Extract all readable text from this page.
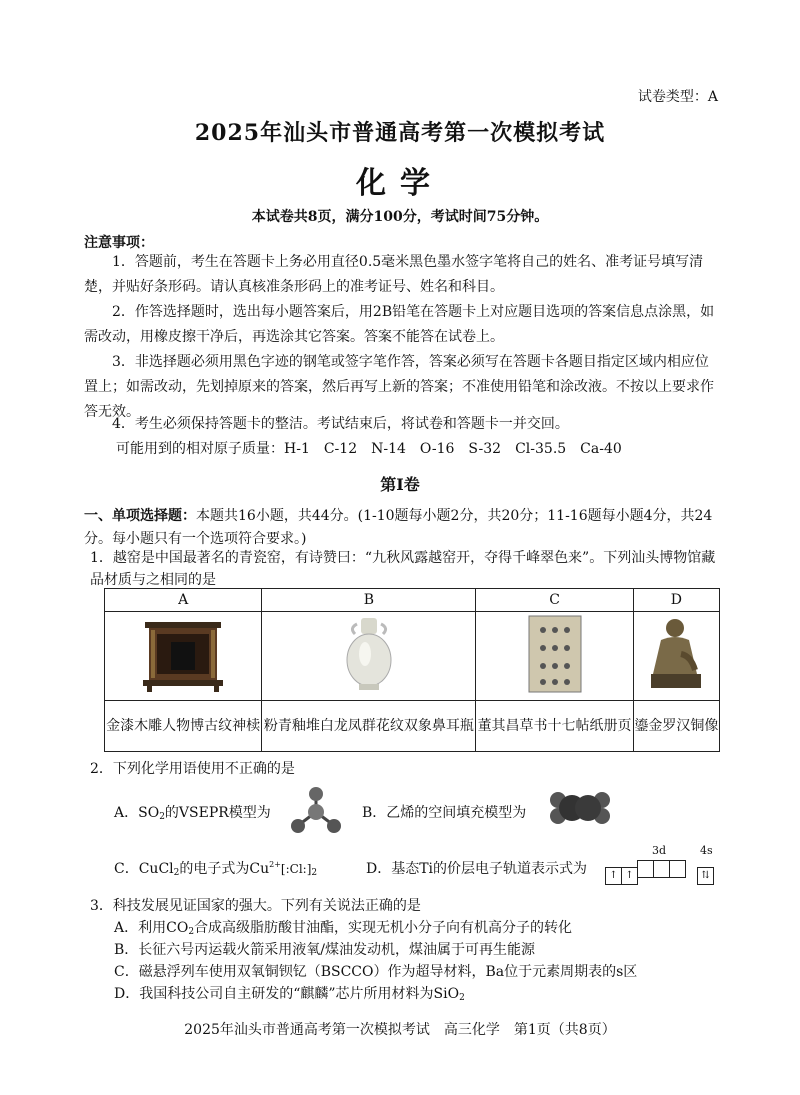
试卷类型：A
2025年汕头市普通高考第一次模拟考试
化学
本试卷共8页，满分100分，考试时间75分钟。
注意事项：
1．答题前，考生在答题卡上务必用直径0.5毫米黑色墨水签字笔将自己的姓名、准考证号填写清楚，并贴好条形码。请认真核准条形码上的准考证号、姓名和科目。
2．作答选择题时，选出每小题答案后，用2B铅笔在答题卡上对应题目选项的答案信息点涂黑，如需改动，用橡皮擦干净后，再选涂其它答案。答案不能答在试卷上。
3．非选择题必须用黑色字迹的钢笔或签字笔作答，答案必须写在答题卡各题目指定区域内相应位置上；如需改动，先划掉原来的答案，然后再写上新的答案；不准使用铅笔和涂改液。不按以上要求作答无效。
4．考生必须保持答题卡的整洁。考试结束后，将试卷和答题卡一并交回。
可能用到的相对原子质量：H-1　C-12　N-14　O-16　S-32　Cl-35.5　Ca-40
第Ⅰ卷
一、单项选择题：本题共16小题，共44分。(1-10题每小题2分，共20分；11-16题每小题4分，共24分。每小题只有一个选项符合要求。)
1．越窑是中国最著名的青瓷窑，有诗赞曰：“九秋风露越窑开，夺得千峰翠色来”。下列汕头博物馆藏品材质与之相同的是
A	B	C	D

金漆木雕人物博古纹神椟	粉青釉堆白龙凤群花纹双象鼻耳瓶	董其昌草书十七帖纸册页	鎏金罗汉铜像
2．下列化学用语使用不正确的是
A．$SO_2$的VSEPR模型为	B．乙烯的空间填充模型为
C．CuCl$_2$的电子式为$Cu^{2+}[:Cl:]_2$	D．基态Ti的价层电子轨道表示式为
3d	4s
↑ ↑	⇅
3．科技发展见证国家的强大。下列有关说法正确的是
A．利用$CO_2$合成高级脂肪酸甘油酯，实现无机小分子向有机高分子的转化
B．长征六号丙运载火箭采用液氧/煤油发动机，煤油属于可再生能源
C．磁悬浮列车使用双氧铜钡钇（BSCCO）作为超导材料，Ba位于元素周期表的s区
D．我国科技公司自主研发的“麒麟”芯片所用材料为SiO$_2$
2025年汕头市普通高考第一次模拟考试　高三化学　第1页（共8页）
